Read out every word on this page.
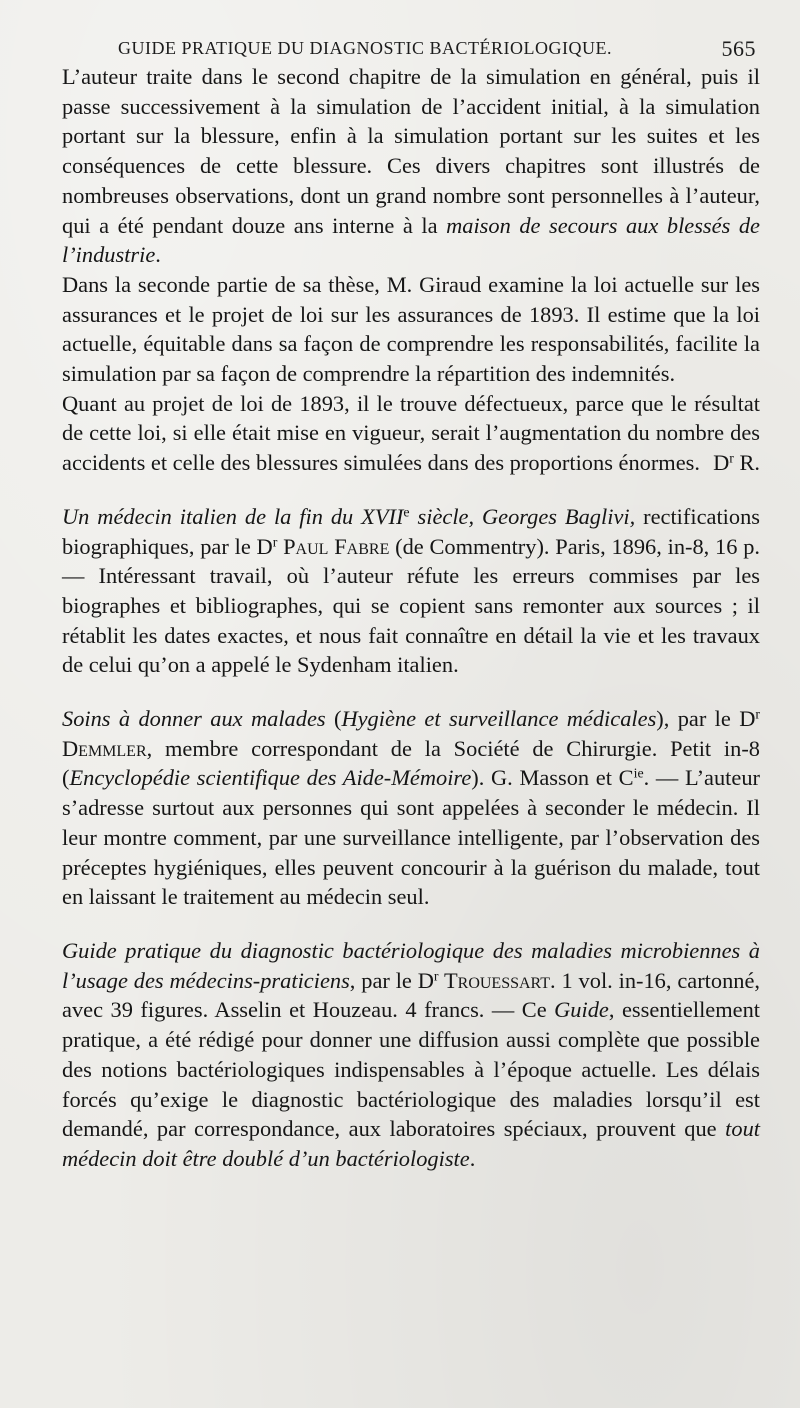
GUIDE PRATIQUE DU DIAGNOSTIC BACTÉRIOLOGIQUE.	565

L’auteur traite dans le second chapitre de la simulation en général, puis il passe successivement à la simulation de l’accident initial, à la simulation portant sur la blessure, enfin à la simulation portant sur les suites et les conséquences de cette blessure. Ces divers chapitres sont illustrés de nombreuses observations, dont un grand nombre sont personnelles à l’auteur, qui a été pendant douze ans interne à la maison de secours aux blessés de l’industrie.

Dans la seconde partie de sa thèse, M. Giraud examine la loi actuelle sur les assurances et le projet de loi sur les assurances de 1893. Il estime que la loi actuelle, équitable dans sa façon de comprendre les responsabilités, facilite la simulation par sa façon de comprendre la répartition des indemnités.

Quant au projet de loi de 1893, il le trouve défectueux, parce que le résultat de cette loi, si elle était mise en vigueur, serait l’augmentation du nombre des accidents et celle des blessures simulées dans des proportions énormes. $D^r$ R.

Un médecin italien de la fin du XVIIe siècle, Georges Baglivi, rectifications biographiques, par le $D^r$ Paul Fabre (de Commentry). Paris, 1896, in-8, 16 p. — Intéressant travail, où l’auteur réfute les erreurs commises par les biographes et bibliographes, qui se copient sans remonter aux sources ; il rétablit les dates exactes, et nous fait connaître en détail la vie et les travaux de celui qu’on a appelé le Sydenham italien.

Soins à donner aux malades (Hygiène et surveillance médicales), par le $D^r$ Demmler, membre correspondant de la Société de Chirurgie. Petit in-8 (Encyclopédie scientifique des Aide-Mémoire). G. Masson et $C^{ie}$. — L’auteur s’adresse surtout aux personnes qui sont appelées à seconder le médecin. Il leur montre comment, par une surveillance intelligente, par l’observation des préceptes hygiéniques, elles peuvent concourir à la guérison du malade, tout en laissant le traitement au médecin seul.

Guide pratique du diagnostic bactériologique des maladies microbiennes à l’usage des médecins-praticiens, par le $D^r$ Trouessart. 1 vol. in-16, cartonné, avec 39 figures. Asselin et Houzeau. 4 francs. — Ce Guide, essentiellement pratique, a été rédigé pour donner une diffusion aussi complète que possible des notions bactériologiques indispensables à l’époque actuelle. Les délais forcés qu’exige le diagnostic bactériologique des maladies lorsqu’il est demandé, par correspondance, aux laboratoires spéciaux, prouvent que tout médecin doit être doublé d’un bactériologiste.
